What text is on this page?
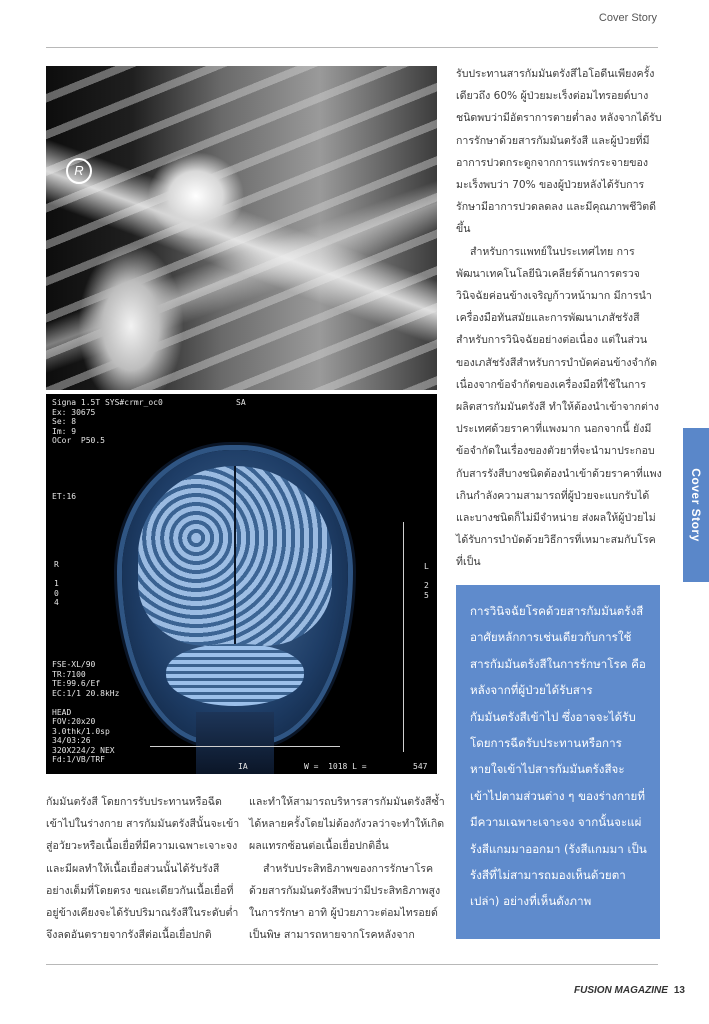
Cover Story
R
Signa 1.5T SYS#crmr_oc0
Ex: 30675
Se: 8
Im: 9
OCor  P50.5
SA
ET:16
R

1
0
4
L

2
5
FSE-XL/90
TR:7100
TE:99.6/Ef
EC:1/1 20.8kHz

HEAD
FOV:20x20
3.0thk/1.0sp
34/03:26
320X224/2 NEX
Fd:1/VB/TRF
IA	W =  1018 L =	547

รับประทานสารกัมมันตรังสีไอโอดีนเพียงครั้งเดียวถึง 60% ผู้ป่วยมะเร็งต่อมไทรอยด์บางชนิดพบว่ามีอัตราการตายต่ำลง หลังจากได้รับการรักษาด้วยสารกัมมันตรังสี และผู้ป่วยที่มีอาการปวดกระดูกจากการแพร่กระจายของมะเร็งพบว่า 70% ของผู้ป่วยหลังได้รับการรักษามีอาการปวดลดลง และมีคุณภาพชีวิตดีขึ้น

สำหรับการแพทย์ในประเทศไทย การพัฒนาเทคโนโลยีนิวเคลียร์ด้านการตรวจวินิจฉัยค่อนข้างเจริญก้าวหน้ามาก มีการนำเครื่องมือทันสมัยและการพัฒนาเภสัชรังสีสำหรับการวินิจฉัยอย่างต่อเนื่อง แต่ในส่วนของเภสัชรังสีสำหรับการบำบัดค่อนข้างจำกัด เนื่องจากข้อจำกัดของเครื่องมือที่ใช้ในการผลิตสารกัมมันตรังสี ทำให้ต้องนำเข้าจากต่างประเทศด้วยราคาที่แพงมาก นอกจากนี้ ยังมีข้อจำกัดในเรื่องของตัวยาที่จะนำมาประกอบกับสารรังสีบางชนิดต้องนำเข้าด้วยราคาที่แพงเกินกำลังความสามารถที่ผู้ป่วยจะแบกรับได้ และบางชนิดก็ไม่มีจำหน่าย ส่งผลให้ผู้ป่วยไม่ได้รับการบำบัดด้วยวิธีการที่เหมาะสมกับโรคที่เป็น

Cover Story

การวินิจฉัยโรคด้วยสารกัมมันตรังสีอาศัยหลักการเช่นเดียวกับการใช้สารกัมมันตรังสีในการรักษาโรค คือหลังจากที่ผู้ป่วยได้รับสารกัมมันตรังสีเข้าไป ซึ่งอาจจะได้รับโดยการฉีดรับประทานหรือการหายใจเข้าไปสารกัมมันตรังสีจะเข้าไปตามส่วนต่าง ๆ ของร่างกายที่มีความเฉพาะเจาะจง จากนั้นจะแผ่รังสีแกมมาออกมา (รังสีแกมมา เป็นรังสีที่ไม่สามารถมองเห็นด้วยตาเปล่า) อย่างที่เห็นดังภาพ

กัมมันตรังสี โดยการรับประทานหรือฉีดเข้าไปในร่างกาย สารกัมมันตรังสีนั้นจะเข้าสู่อวัยวะหรือเนื้อเยื่อที่มีความเฉพาะเจาะจง และมีผลทำให้เนื้อเยื่อส่วนนั้นได้รับรังสีอย่างเต็มที่โดยตรง ขณะเดียวกันเนื้อเยื่อที่อยู่ข้างเคียงจะได้รับปริมาณรังสีในระดับต่ำจึงลดอันตรายจากรังสีต่อเนื้อเยื่อปกติ

และทำให้สามารถบริหารสารกัมมันตรังสีซ้ำได้หลายครั้งโดยไม่ต้องกังวลว่าจะทำให้เกิดผลแทรกซ้อนต่อเนื้อเยื่อปกติอื่น

สำหรับประสิทธิภาพของการรักษาโรคด้วยสารกัมมันตรังสีพบว่ามีประสิทธิภาพสูงในการรักษา อาทิ ผู้ป่วยภาวะต่อมไทรอยด์เป็นพิษ สามารถหายจากโรคหลังจาก

FUSION MAGAZINE 13
